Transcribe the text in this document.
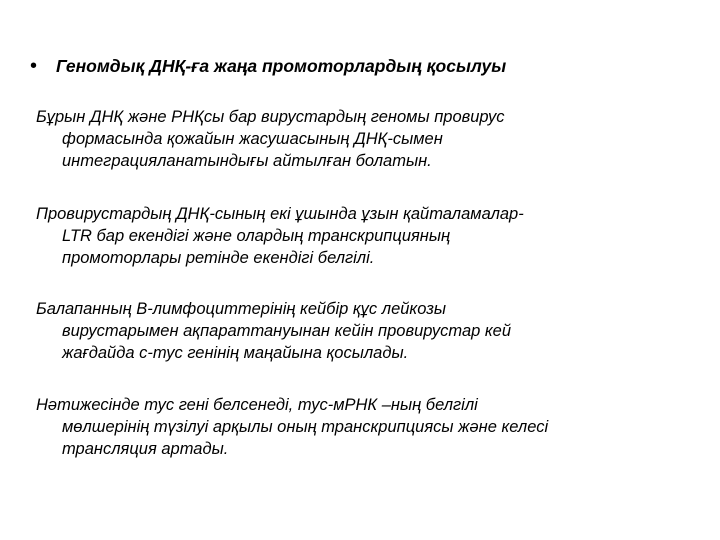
•	Геномдық ДНҚ-ға жаңа промоторлардың қосылуы
Бұрын ДНҚ және РНҚсы бар вирустардың геномы провирус
формасында қожайын жасушасының ДНҚ-сымен
интеграцияланатындығы айтылған болатын.
Провирустардың ДНҚ-сының екі ұшында ұзын қайталамалар-
LTR бар екендігі және олардың транскрипцияның
промоторлары ретінде екендігі белгілі.
Балапанның В-лимфоциттерінің кейбір құс лейкозы
вирустарымен ақпараттануынан кейін провирустар кей
жағдайда с-тус генінің маңайына қосылады.
Нәтижесінде тус гені белсенеді, тус-мРНК –ның белгілі
мөлшерінің түзілуі арқылы оның транскрипциясы және келесі
трансляция артады.
